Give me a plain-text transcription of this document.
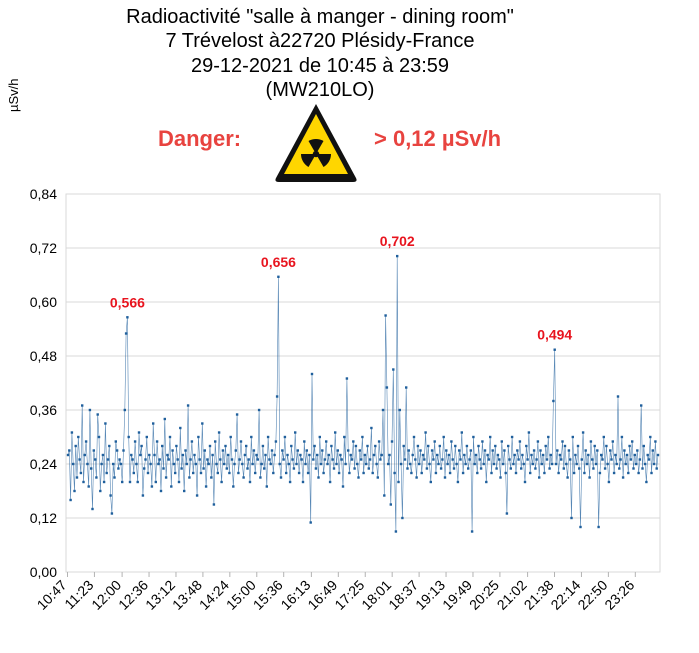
0,00
0,12
0,24
0,36
0,48
0,60
0,72
0,84
10:47
11:23
12:00
12:36
13:12
13:48
14:24
15:00
15:36
16:13
16:49
17:25
18:01
18:37
19:13
19:49
20:25
21:02
21:38
22:14
22:50
23:26
0,566
0,656
0,702
0,494
Radioactivité "salle à manger - dining room"
7 Trévelost à22720 Plésidy-France
29-12-2021 de 10:45 à 23:59
(MW210LO)
µSv/h
Danger:	> 0,12 µSv/h
